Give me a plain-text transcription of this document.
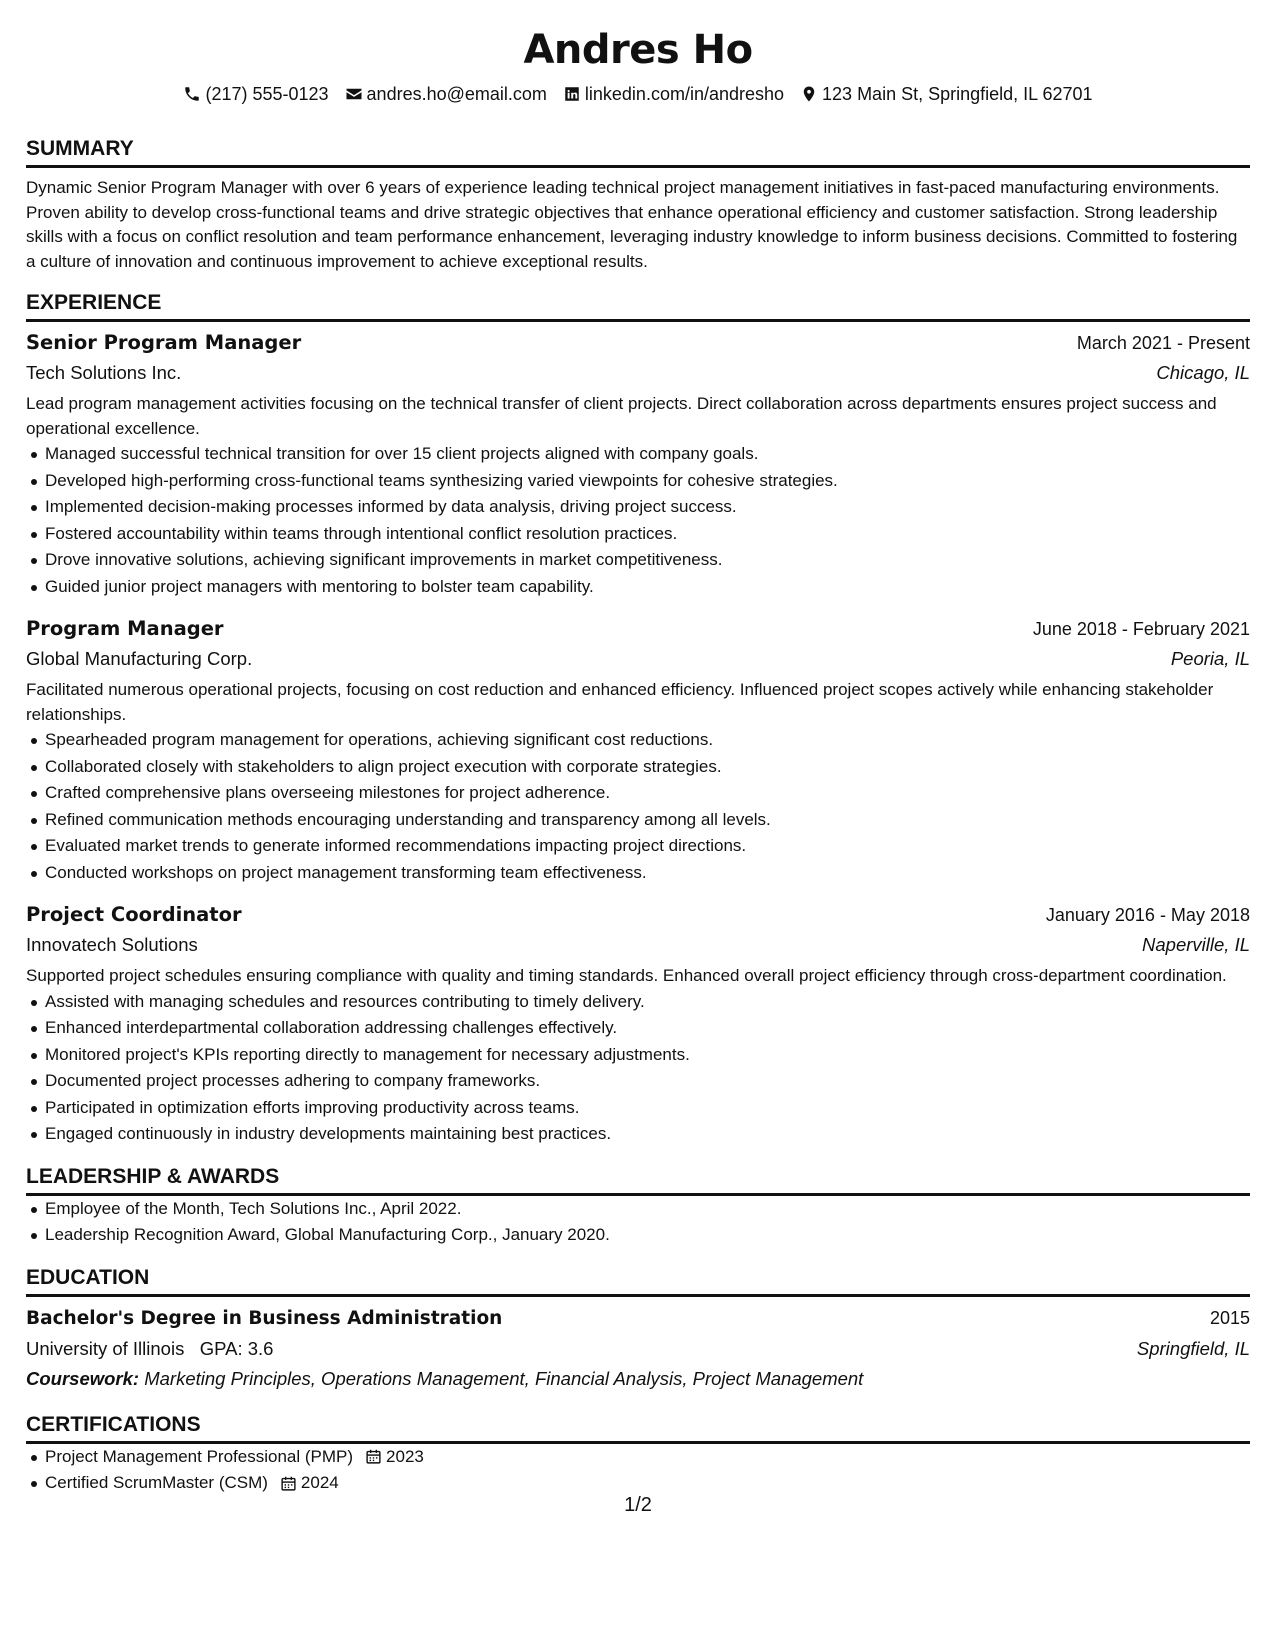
Andres Ho
(217) 555-0123 andres.ho@email.com linkedin.com/in/andresho 123 Main St, Springfield, IL 62701
SUMMARY

Dynamic Senior Program Manager with over 6 years of experience leading technical project management initiatives in fast-paced manufacturing environments. Proven ability to develop cross-functional teams and drive strategic objectives that enhance operational efficiency and customer satisfaction. Strong leadership skills with a focus on conflict resolution and team performance enhancement, leveraging industry knowledge to inform business decisions. Committed to fostering a culture of innovation and continuous improvement to achieve exceptional results.

EXPERIENCE
Senior Program Manager	March 2021 - Present
Tech Solutions Inc.	Chicago, IL

Lead program management activities focusing on the technical transfer of client projects. Direct collaboration across departments ensures project success and operational excellence.

Managed successful technical transition for over 15 client projects aligned with company goals.
Developed high-performing cross-functional teams synthesizing varied viewpoints for cohesive strategies.
Implemented decision-making processes informed by data analysis, driving project success.
Fostered accountability within teams through intentional conflict resolution practices.
Drove innovative solutions, achieving significant improvements in market competitiveness.
Guided junior project managers with mentoring to bolster team capability.
Program Manager	June 2018 - February 2021
Global Manufacturing Corp.	Peoria, IL

Facilitated numerous operational projects, focusing on cost reduction and enhanced efficiency. Influenced project scopes actively while enhancing stakeholder relationships.

Spearheaded program management for operations, achieving significant cost reductions.
Collaborated closely with stakeholders to align project execution with corporate strategies.
Crafted comprehensive plans overseeing milestones for project adherence.
Refined communication methods encouraging understanding and transparency among all levels.
Evaluated market trends to generate informed recommendations impacting project directions.
Conducted workshops on project management transforming team effectiveness.
Project Coordinator	January 2016 - May 2018
Innovatech Solutions	Naperville, IL

Supported project schedules ensuring compliance with quality and timing standards. Enhanced overall project efficiency through cross-department coordination.

Assisted with managing schedules and resources contributing to timely delivery.
Enhanced interdepartmental collaboration addressing challenges effectively.
Monitored project's KPIs reporting directly to management for necessary adjustments.
Documented project processes adhering to company frameworks.
Participated in optimization efforts improving productivity across teams.
Engaged continuously in industry developments maintaining best practices.
LEADERSHIP & AWARDS
Employee of the Month, Tech Solutions Inc., April 2022.
Leadership Recognition Award, Global Manufacturing Corp., January 2020.
EDUCATION
Bachelor's Degree in Business Administration	2015
University of Illinois GPA: 3.6	Springfield, IL
Coursework: Marketing Principles, Operations Management, Financial Analysis, Project Management
CERTIFICATIONS
Project Management Professional (PMP) 2023
Certified ScrumMaster (CSM) 2024
1/2
